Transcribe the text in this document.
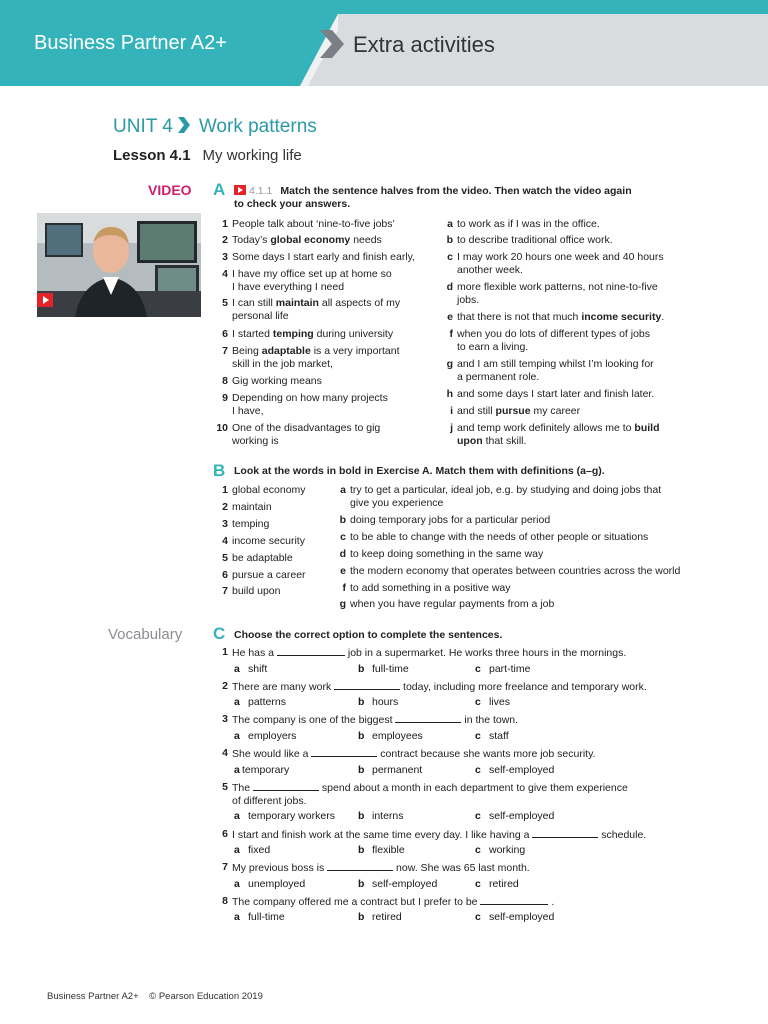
Business Partner A2+	Extra activities
UNIT 4 Work patterns
Lesson 4.1 My working life
VIDEO A	4.1.1 Match the sentence halves from the video. Then watch the video again
to check your answers.
1 People talk about ‘nine-to-five jobs’
2 Today’s global economy needs
3 Some days I start early and finish early,
4 I have my office set up at home so
I have everything I need
5 I can still maintain all aspects of my
personal life
6 I started temping during university
7 Being adaptable is a very important
skill in the job market,
8 Gig working means
9 Depending on how many projects
I have,
10 One of the disadvantages to gig
working is
a to work as if I was in the office.
b to describe traditional office work.
c I may work 20 hours one week and 40 hours
another week.
d more flexible work patterns, not nine-to-five
jobs.
e that there is not that much income security.
f when you do lots of different types of jobs
to earn a living.
g and I am still temping whilst I’m looking for
a permanent role.
h and some days I start later and finish later.
i and still pursue my career
j and temp work definitely allows me to build
upon that skill.
B Look at the words in bold in Exercise A. Match them with definitions (a–g).
1 global economy
2 maintain
3 temping
4 income security
5 be adaptable
6 pursue a career
7 build upon
a try to get a particular, ideal job, e.g. by studying and doing jobs that
give you experience
b doing temporary jobs for a particular period
c to be able to change with the needs of other people or situations
d to keep doing something in the same way
e the modern economy that operates between countries across the world
f to add something in a positive way
g when you have regular payments from a job
Vocabulary C Choose the correct option to complete the sentences.
1 He has a	job in a supermarket. He works three hours in the mornings.
a shift	b full-time	c part-time
2 There are many work	today, including more freelance and temporary work.
a patterns	b hours	c lives
3 The company is one of the biggest	in the town.
a employers	b employees	c staff
4 She would like a	contract because she wants more job security.
a temporary	b permanent	c self-employed
5 The	spend about a month in each department to give them experience
of different jobs.
a temporary workers b interns	c self-employed
6 I start and finish work at the same time every day. I like having a	schedule.
a fixed	b flexible	c working
7 My previous boss is	now. She was 65 last month.
a unemployed	b self-employed	c retired
8 The company offered me a contract but I prefer to be	.
a full-time	b retired	c self-employed
Business Partner A2+    © Pearson Education 2019
